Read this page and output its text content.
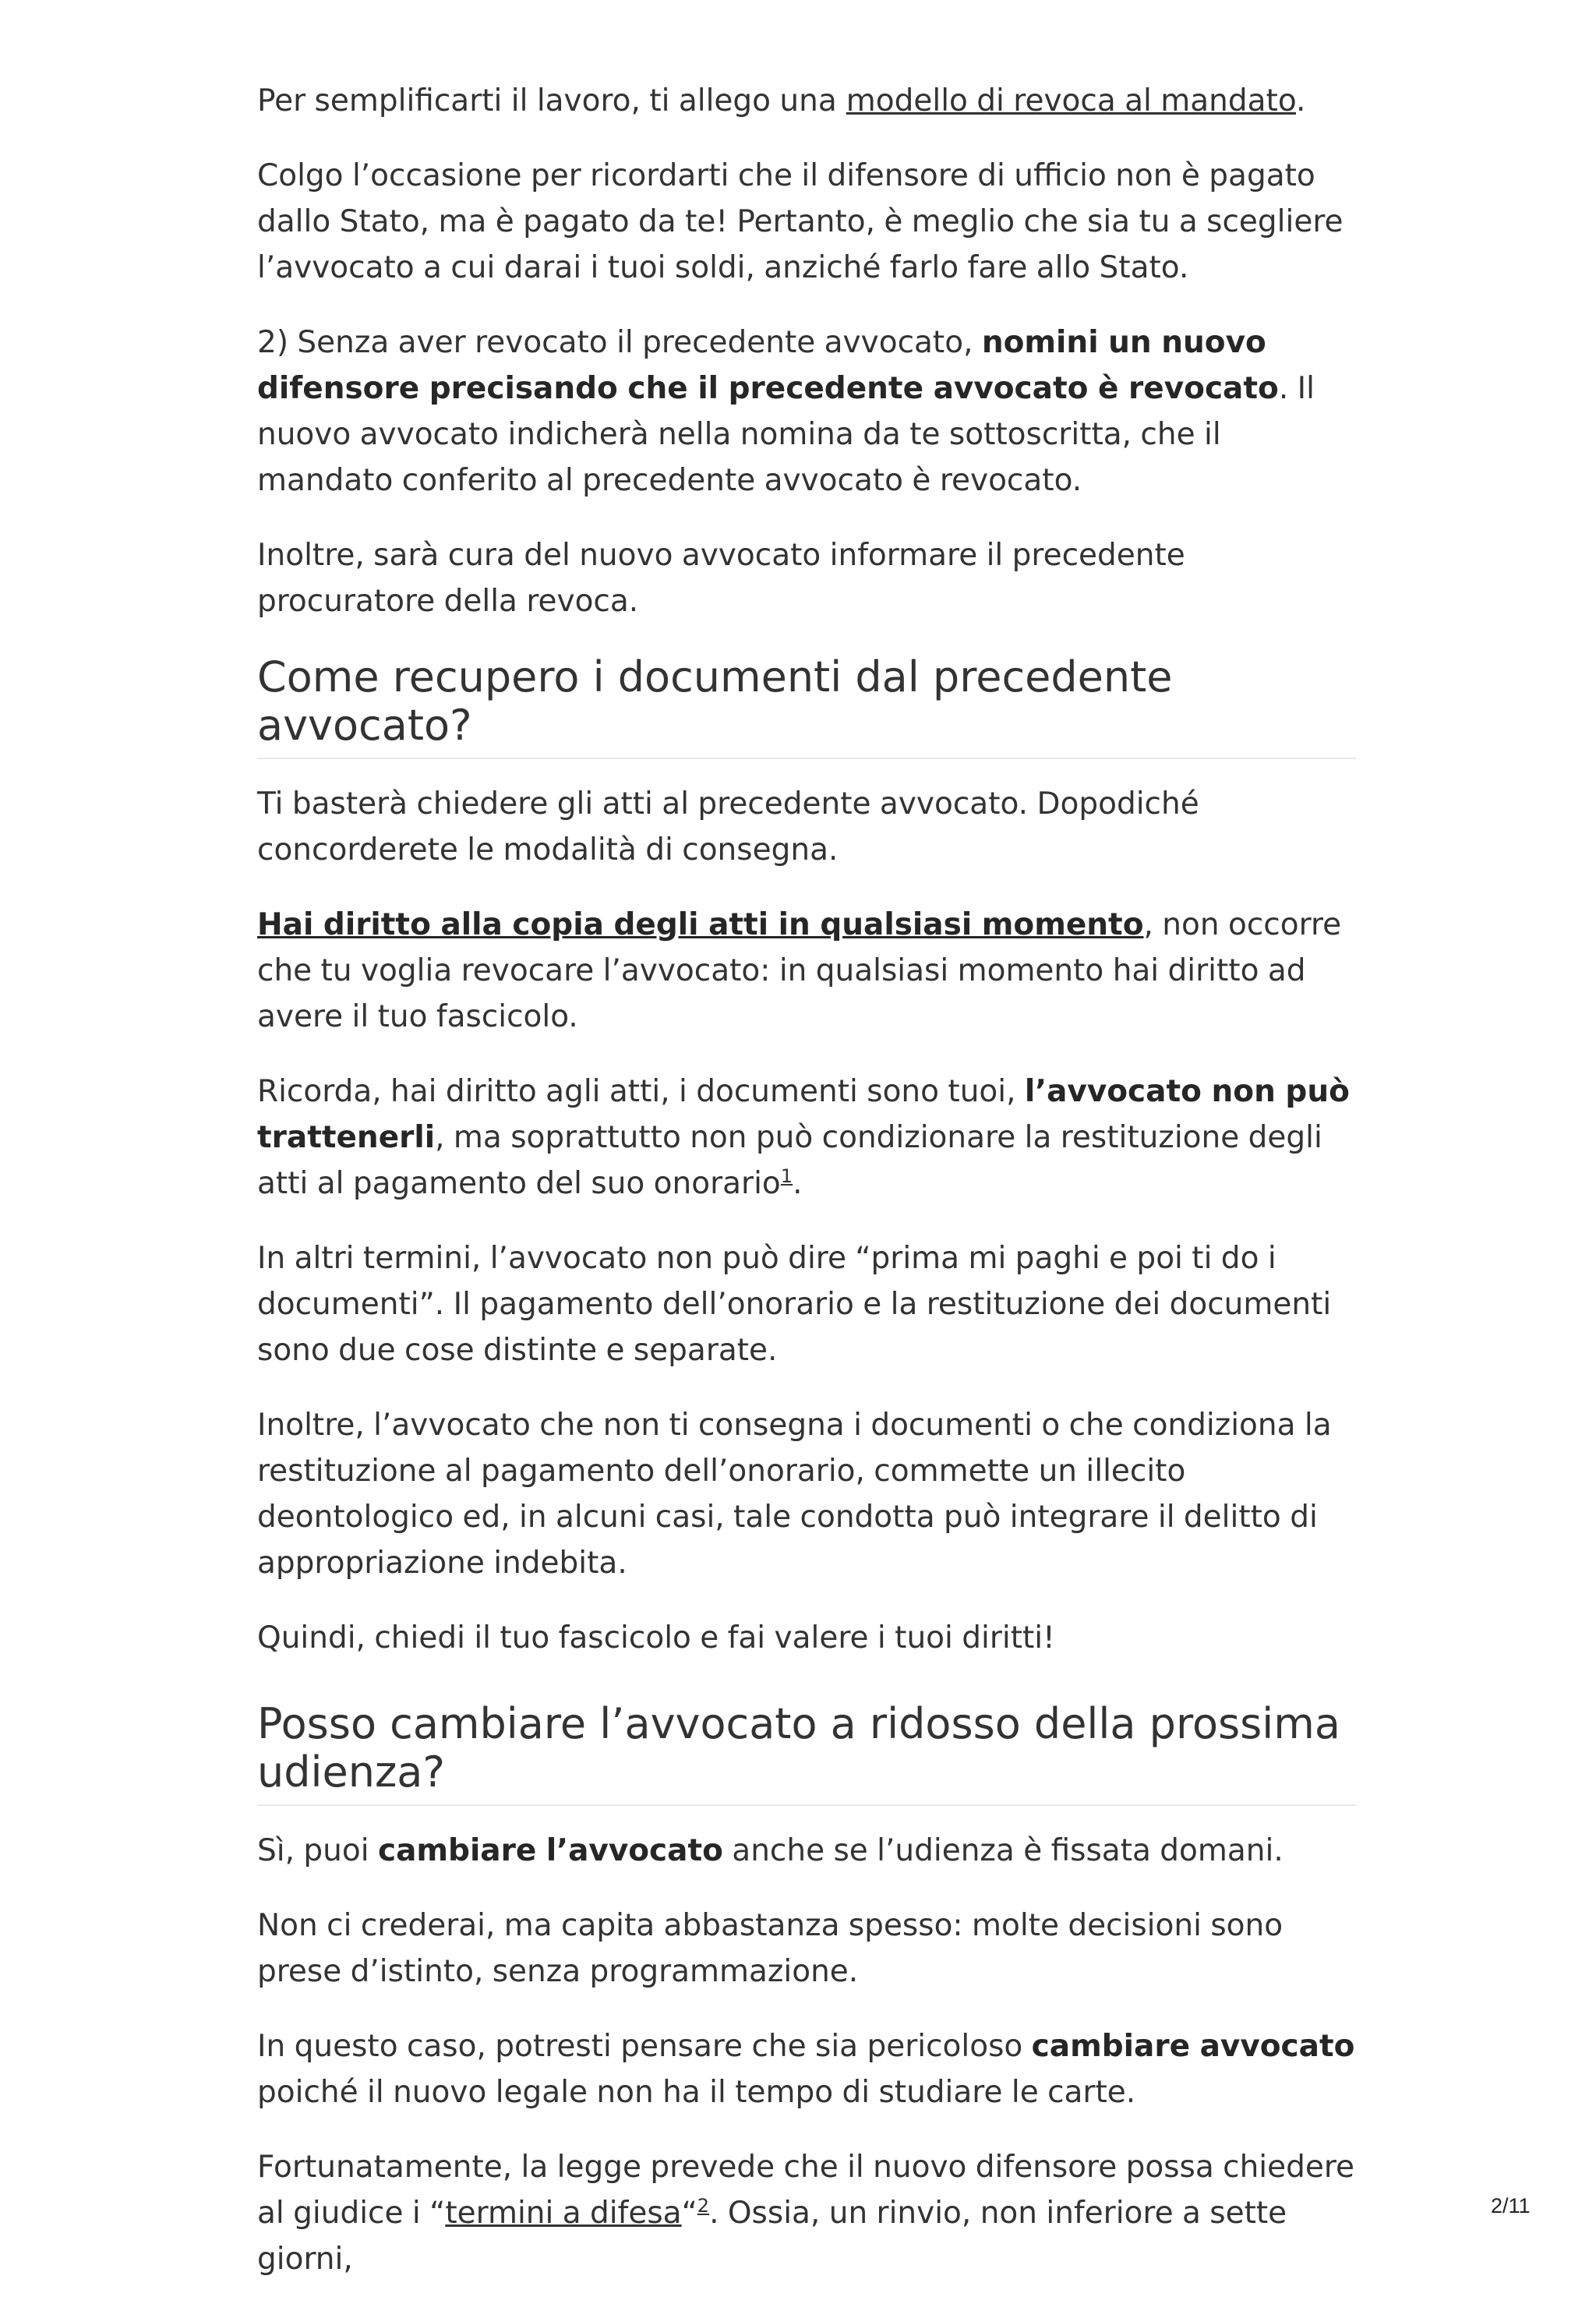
Per semplificarti il lavoro, ti allego una modello di revoca al mandato.

Colgo l’occasione per ricordarti che il difensore di ufficio non è pagato dallo Stato, ma è pagato da te! Pertanto, è meglio che sia tu a scegliere l’avvocato a cui darai i tuoi soldi, anziché farlo fare allo Stato.

2) Senza aver revocato il precedente avvocato, nomini un nuovo difensore precisando che il precedente avvocato è revocato. Il nuovo avvocato indicherà nella nomina da te sottoscritta, che il mandato conferito al precedente avvocato è revocato.

Inoltre, sarà cura del nuovo avvocato informare il precedente procuratore della revoca.

Come recupero i documenti dal precedente avvocato?

Ti basterà chiedere gli atti al precedente avvocato. Dopodiché concorderete le modalità di consegna.

Hai diritto alla copia degli atti in qualsiasi momento, non occorre che tu voglia revocare l’avvocato: in qualsiasi momento hai diritto ad avere il tuo fascicolo.

Ricorda, hai diritto agli atti, i documenti sono tuoi, l’avvocato non può trattenerli, ma soprattutto non può condizionare la restituzione degli atti al pagamento del suo onorario$^1$.

In altri termini, l’avvocato non può dire “prima mi paghi e poi ti do i documenti”. Il pagamento dell’onorario e la restituzione dei documenti sono due cose distinte e separate.

Inoltre, l’avvocato che non ti consegna i documenti o che condiziona la restituzione al pagamento dell’onorario, commette un illecito deontologico ed, in alcuni casi, tale condotta può integrare il delitto di appropriazione indebita.

Quindi, chiedi il tuo fascicolo e fai valere i tuoi diritti!

Posso cambiare l’avvocato a ridosso della prossima udienza?

Sì, puoi cambiare l’avvocato anche se l’udienza è fissata domani.

Non ci crederai, ma capita abbastanza spesso: molte decisioni sono prese d’istinto, senza programmazione.

In questo caso, potresti pensare che sia pericoloso cambiare avvocato poiché il nuovo legale non ha il tempo di studiare le carte.

Fortunatamente, la legge prevede che il nuovo difensore possa chiedere al giudice i “termini a difesa“$^2$. Ossia, un rinvio, non inferiore a sette giorni,

2/11
